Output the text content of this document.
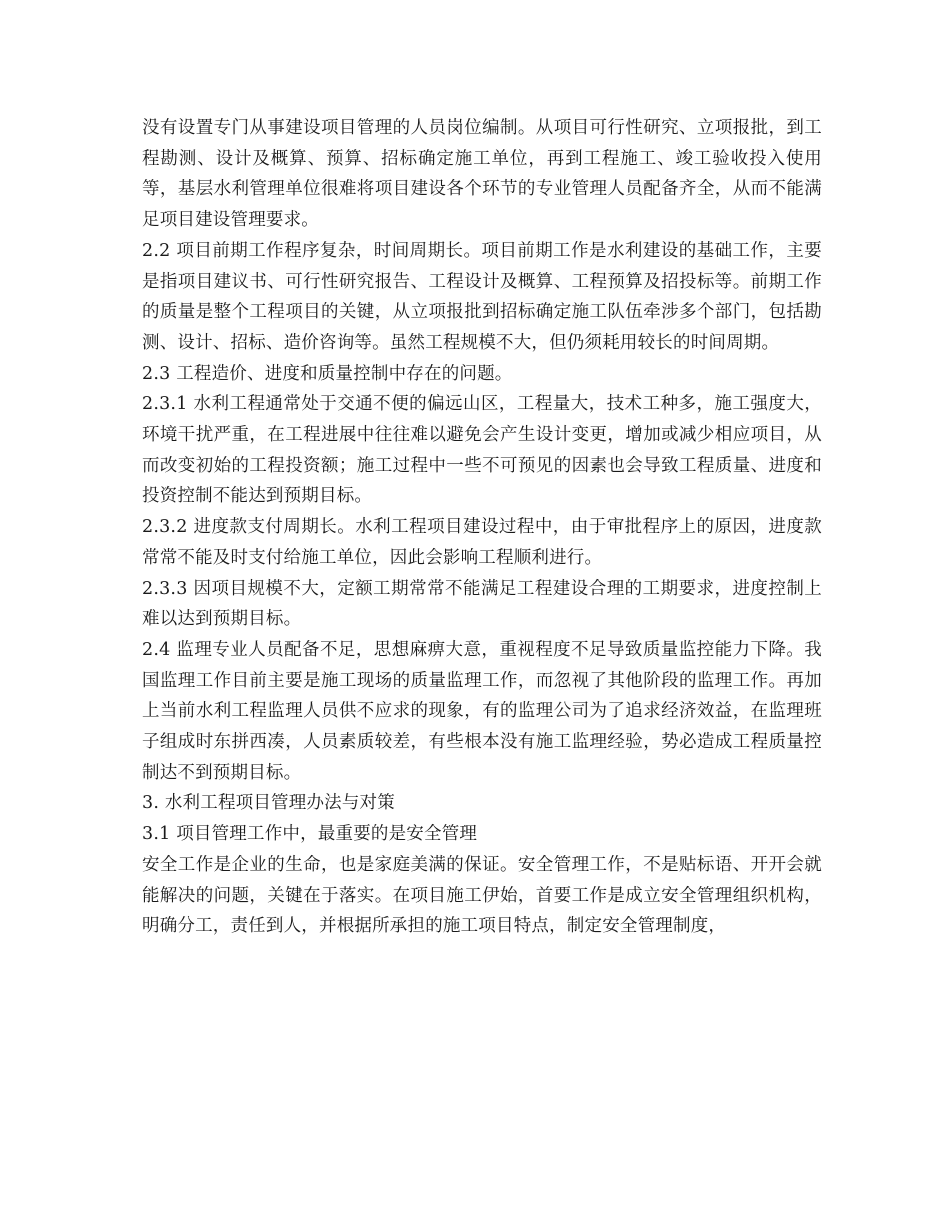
没有设置专门从事建设项目管理的人员岗位编制。从项目可行性研究、立项报批，到工程勘测、设计及概算、预算、招标确定施工单位，再到工程施工、竣工验收投入使用等，基层水利管理单位很难将项目建设各个环节的专业管理人员配备齐全，从而不能满足项目建设管理要求。

2.2 项目前期工作程序复杂，时间周期长。项目前期工作是水利建设的基础工作，主要是指项目建议书、可行性研究报告、工程设计及概算、工程预算及招投标等。前期工作的质量是整个工程项目的关键，从立项报批到招标确定施工队伍牵涉多个部门，包括勘测、设计、招标、造价咨询等。虽然工程规模不大，但仍须耗用较长的时间周期。

2.3 工程造价、进度和质量控制中存在的问题。

2.3.1 水利工程通常处于交通不便的偏远山区，工程量大，技术工种多，施工强度大，环境干扰严重，在工程进展中往往难以避免会产生设计变更，增加或减少相应项目，从而改变初始的工程投资额；施工过程中一些不可预见的因素也会导致工程质量、进度和投资控制不能达到预期目标。

2.3.2 进度款支付周期长。水利工程项目建设过程中，由于审批程序上的原因，进度款常常不能及时支付给施工单位，因此会影响工程顺利进行。

2.3.3 因项目规模不大，定额工期常常不能满足工程建设合理的工期要求，进度控制上难以达到预期目标。

2.4 监理专业人员配备不足，思想麻痹大意，重视程度不足导致质量监控能力下降。我国监理工作目前主要是施工现场的质量监理工作，而忽视了其他阶段的监理工作。再加上当前水利工程监理人员供不应求的现象，有的监理公司为了追求经济效益，在监理班子组成时东拼西凑，人员素质较差，有些根本没有施工监理经验，势必造成工程质量控制达不到预期目标。

3. 水利工程项目管理办法与对策

3.1 项目管理工作中，最重要的是安全管理

安全工作是企业的生命，也是家庭美满的保证。安全管理工作，不是贴标语、开开会就能解决的问题，关键在于落实。在项目施工伊始，首要工作是成立安全管理组织机构，明确分工，责任到人，并根据所承担的施工项目特点，制定安全管理制度，
